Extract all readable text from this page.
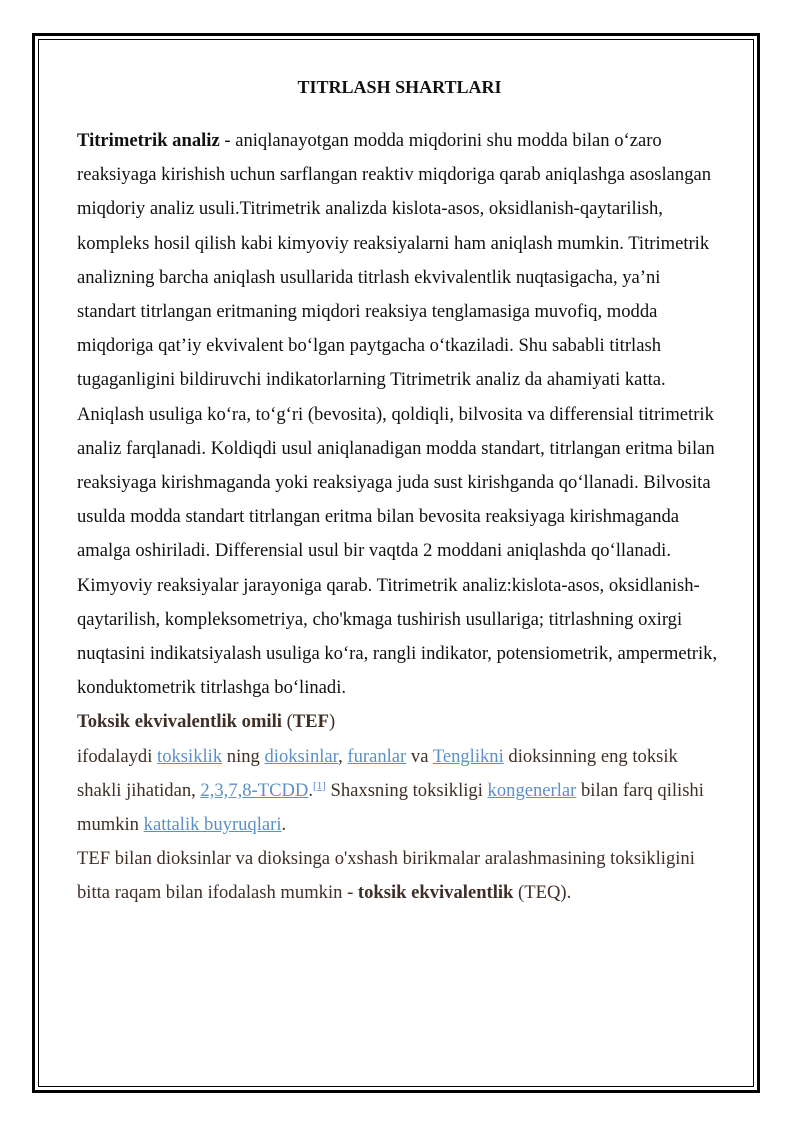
TITRLASH SHARTLARI

Titrimetrik analiz - aniqlanayotgan modda miqdorini shu modda bilan o‘zaro reaksiyaga kirishish uchun sarflangan reaktiv miqdoriga qarab aniqlashga asoslangan miqdoriy analiz usuli.Titrimetrik analizda kislota-asos, oksidlanish-qaytarilish, kompleks hosil qilish kabi kimyoviy reaksiyalarni ham aniqlash mumkin. Titrimetrik analizning barcha aniqlash usullarida titrlash ekvivalentlik nuqtasigacha, ya’ni standart titrlangan eritmaning miqdori reaksiya tenglamasiga muvofiq, modda miqdoriga qat’iy ekvivalent bo‘lgan paytgacha o‘tkaziladi. Shu sababli titrlash tugaganligini bildiruvchi indikatorlarning Titrimetrik analiz da ahamiyati katta.

Aniqlash usuliga ko‘ra, to‘g‘ri (bevosita), qoldiqli, bilvosita va differensial titrimetrik analiz farqlanadi. Koldiqdi usul aniqlanadigan modda standart, titrlangan eritma bilan reaksiyaga kirishmaganda yoki reaksiyaga juda sust kirishganda qo‘llanadi. Bilvosita usulda modda standart titrlangan eritma bilan bevosita reaksiyaga kirishmaganda amalga oshiriladi. Differensial usul bir vaqtda 2 moddani aniqlashda qo‘llanadi.

Kimyoviy reaksiyalar jarayoniga qarab. Titrimetrik analiz:kislota-asos, oksidlanish-qaytarilish, kompleksometriya, cho'kmaga tushirish usullariga; titrlashning oxirgi nuqtasini indikatsiyalash usuliga ko‘ra, rangli indikator, potensiometrik, ampermetrik, konduktometrik titrlashga bo‘linadi.

Toksik ekvivalentlik omili (TEF)

ifodalaydi toksiklik ning dioksinlar, furanlar va Tenglikni dioksinning eng toksik shakli jihatidan, 2,3,7,8-TCDD.[1] Shaxsning toksikligi kongenerlar bilan farq qilishi mumkin kattalik buyruqlari.

TEF bilan dioksinlar va dioksinga o'xshash birikmalar aralashmasining toksikligini bitta raqam bilan ifodalash mumkin - toksik ekvivalentlik (TEQ).
